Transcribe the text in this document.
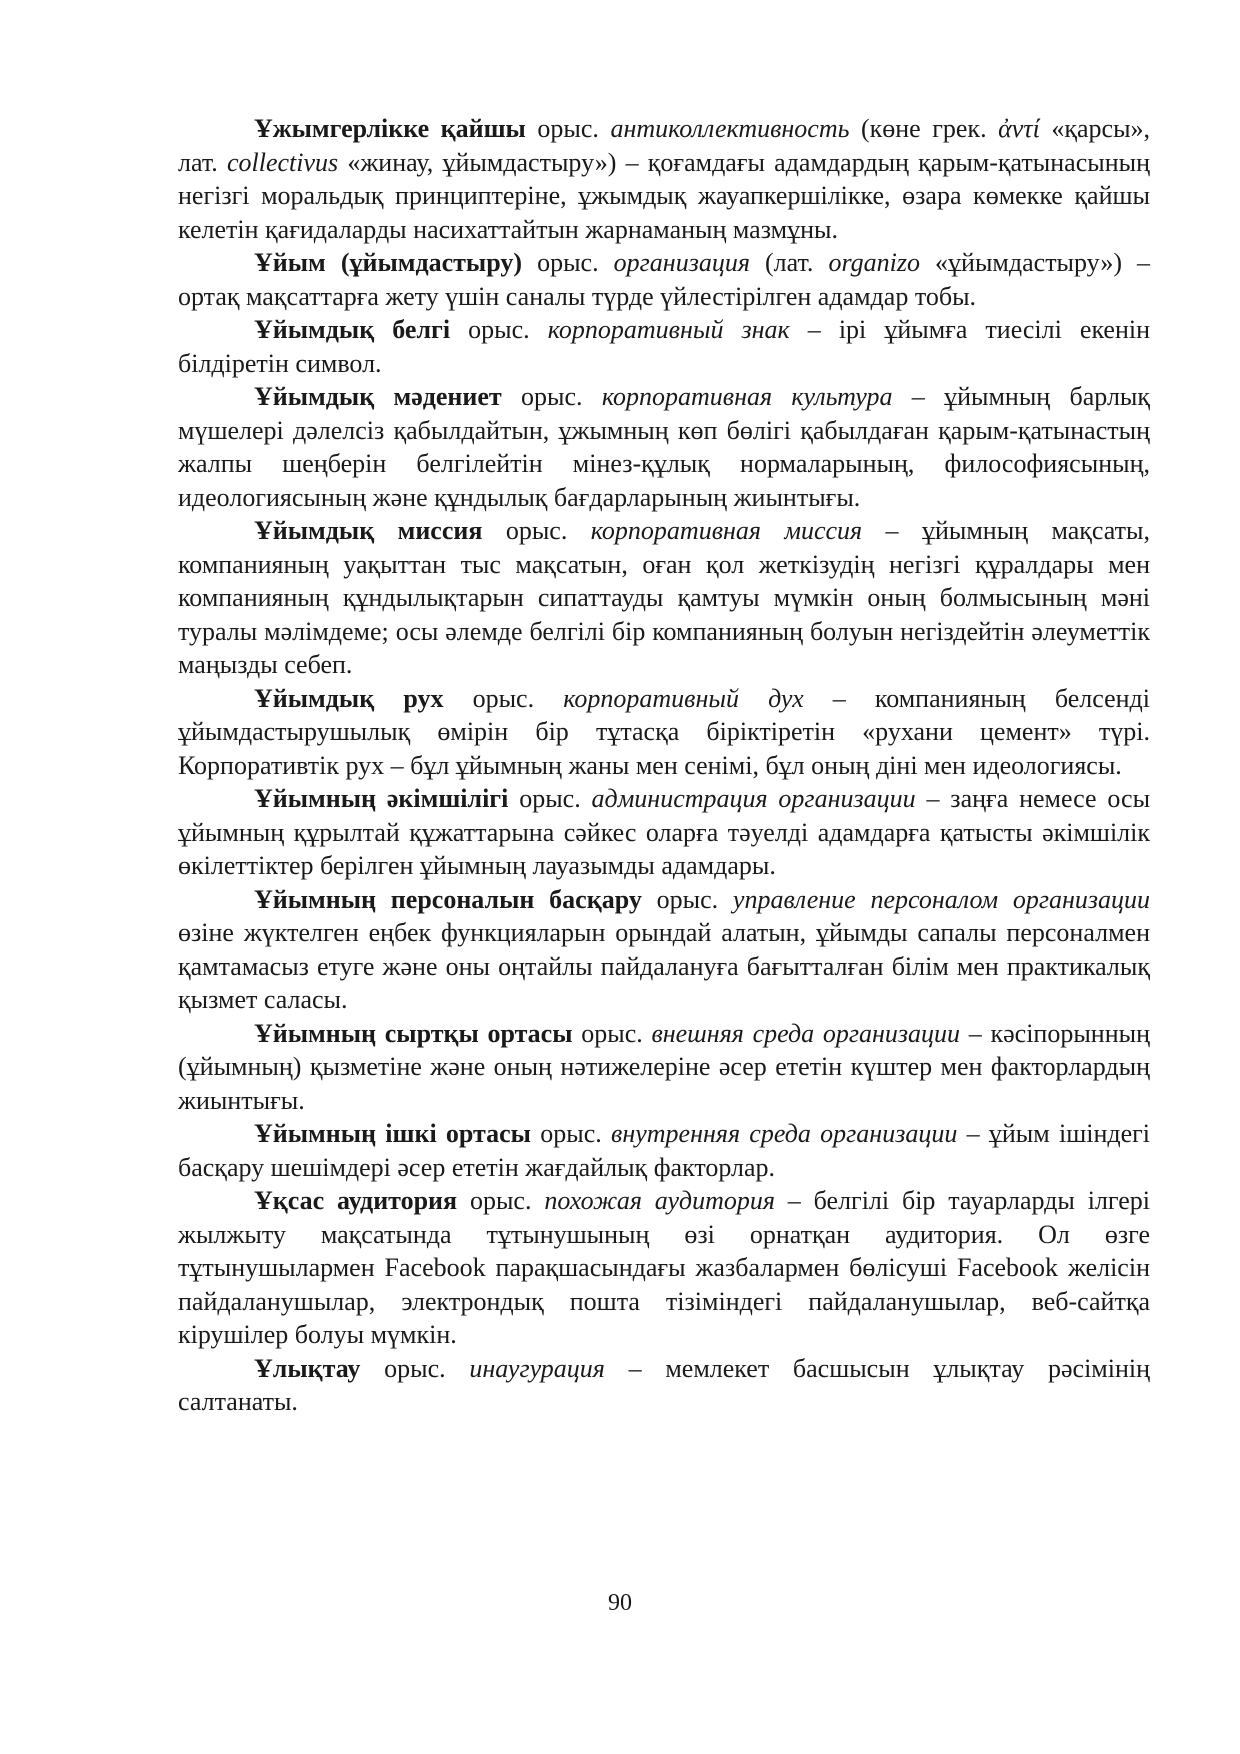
Ұжымгерлікке қайшы орыс. антиколлективность (көне грек. ἀντί «қарсы», лат. collectivus «жинау, ұйымдастыру») – қоғамдағы адамдардың қарым-қатынасының негізгі моральдық принциптеріне, ұжымдық жауапкершілікке, өзара көмекке қайшы келетін қағидаларды насихаттайтын жарнаманың мазмұны.

Ұйым (ұйымдастыру) орыс. организация (лат. organizo «ұйымдастыру») – ортақ мақсаттарға жету үшін саналы түрде үйлестірілген адамдар тобы.

Ұйымдық белгі орыс. корпоративный знак – ірі ұйымға тиесілі екенін білдіретін символ.

Ұйымдық мәдениет орыс. корпоративная культура – ұйымның барлық мүшелері дәлелсіз қабылдайтын, ұжымның көп бөлігі қабылдаған қарым-қатынастың жалпы шеңберін белгілейтін мінез-құлық нормаларының, философиясының, идеологиясының және құндылық бағдарларының жиынтығы.

Ұйымдық миссия орыс. корпоративная миссия – ұйымның мақсаты, компанияның уақыттан тыс мақсатын, оған қол жеткізудің негізгі құралдары мен компанияның құндылықтарын сипаттауды қамтуы мүмкін оның болмысының мәні туралы мәлімдеме; осы әлемде белгілі бір компанияның болуын негіздейтін әлеуметтік маңызды себеп.

Ұйымдық рух орыс. корпоративный дух – компанияның белсенді ұйымдастырушылық өмірін бір тұтасқа біріктіретін «рухани цемент» түрі. Корпоративтік рух – бұл ұйымның жаны мен сенімі, бұл оның діні мен идеологиясы.

Ұйымның әкімшілігі орыс. администрация организации – заңға немесе осы ұйымның құрылтай құжаттарына сәйкес оларға тәуелді адамдарға қатысты әкімшілік өкілеттіктер берілген ұйымның лауазымды адамдары.

Ұйымның персоналын басқару орыс. управление персоналом организации өзіне жүктелген еңбек функцияларын орындай алатын, ұйымды сапалы персоналмен қамтамасыз етуге және оны оңтайлы пайдалануға бағытталған білім мен практикалық қызмет саласы.

Ұйымның сыртқы ортасы орыс. внешняя среда организации – кәсіпорынның (ұйымның) қызметіне және оның нәтижелеріне әсер ететін күштер мен факторлардың жиынтығы.

Ұйымның ішкі ортасы орыс. внутренняя среда организации – ұйым ішіндегі басқару шешімдері әсер ететін жағдайлық факторлар.

Ұқсас аудитория орыс. похожая аудитория – белгілі бір тауарларды ілгері жылжыту мақсатында тұтынушының өзі орнатқан аудитория. Ол өзге тұтынушылармен Facebook парақшасындағы жазбалармен бөлісуші Facebook желісін пайдаланушылар, электрондық пошта тізіміндегі пайдаланушылар, веб-сайтқа кірушілер болуы мүмкін.

Ұлықтау орыс. инаугурация – мемлекет басшысын ұлықтау рәсімінің салтанаты.

90
